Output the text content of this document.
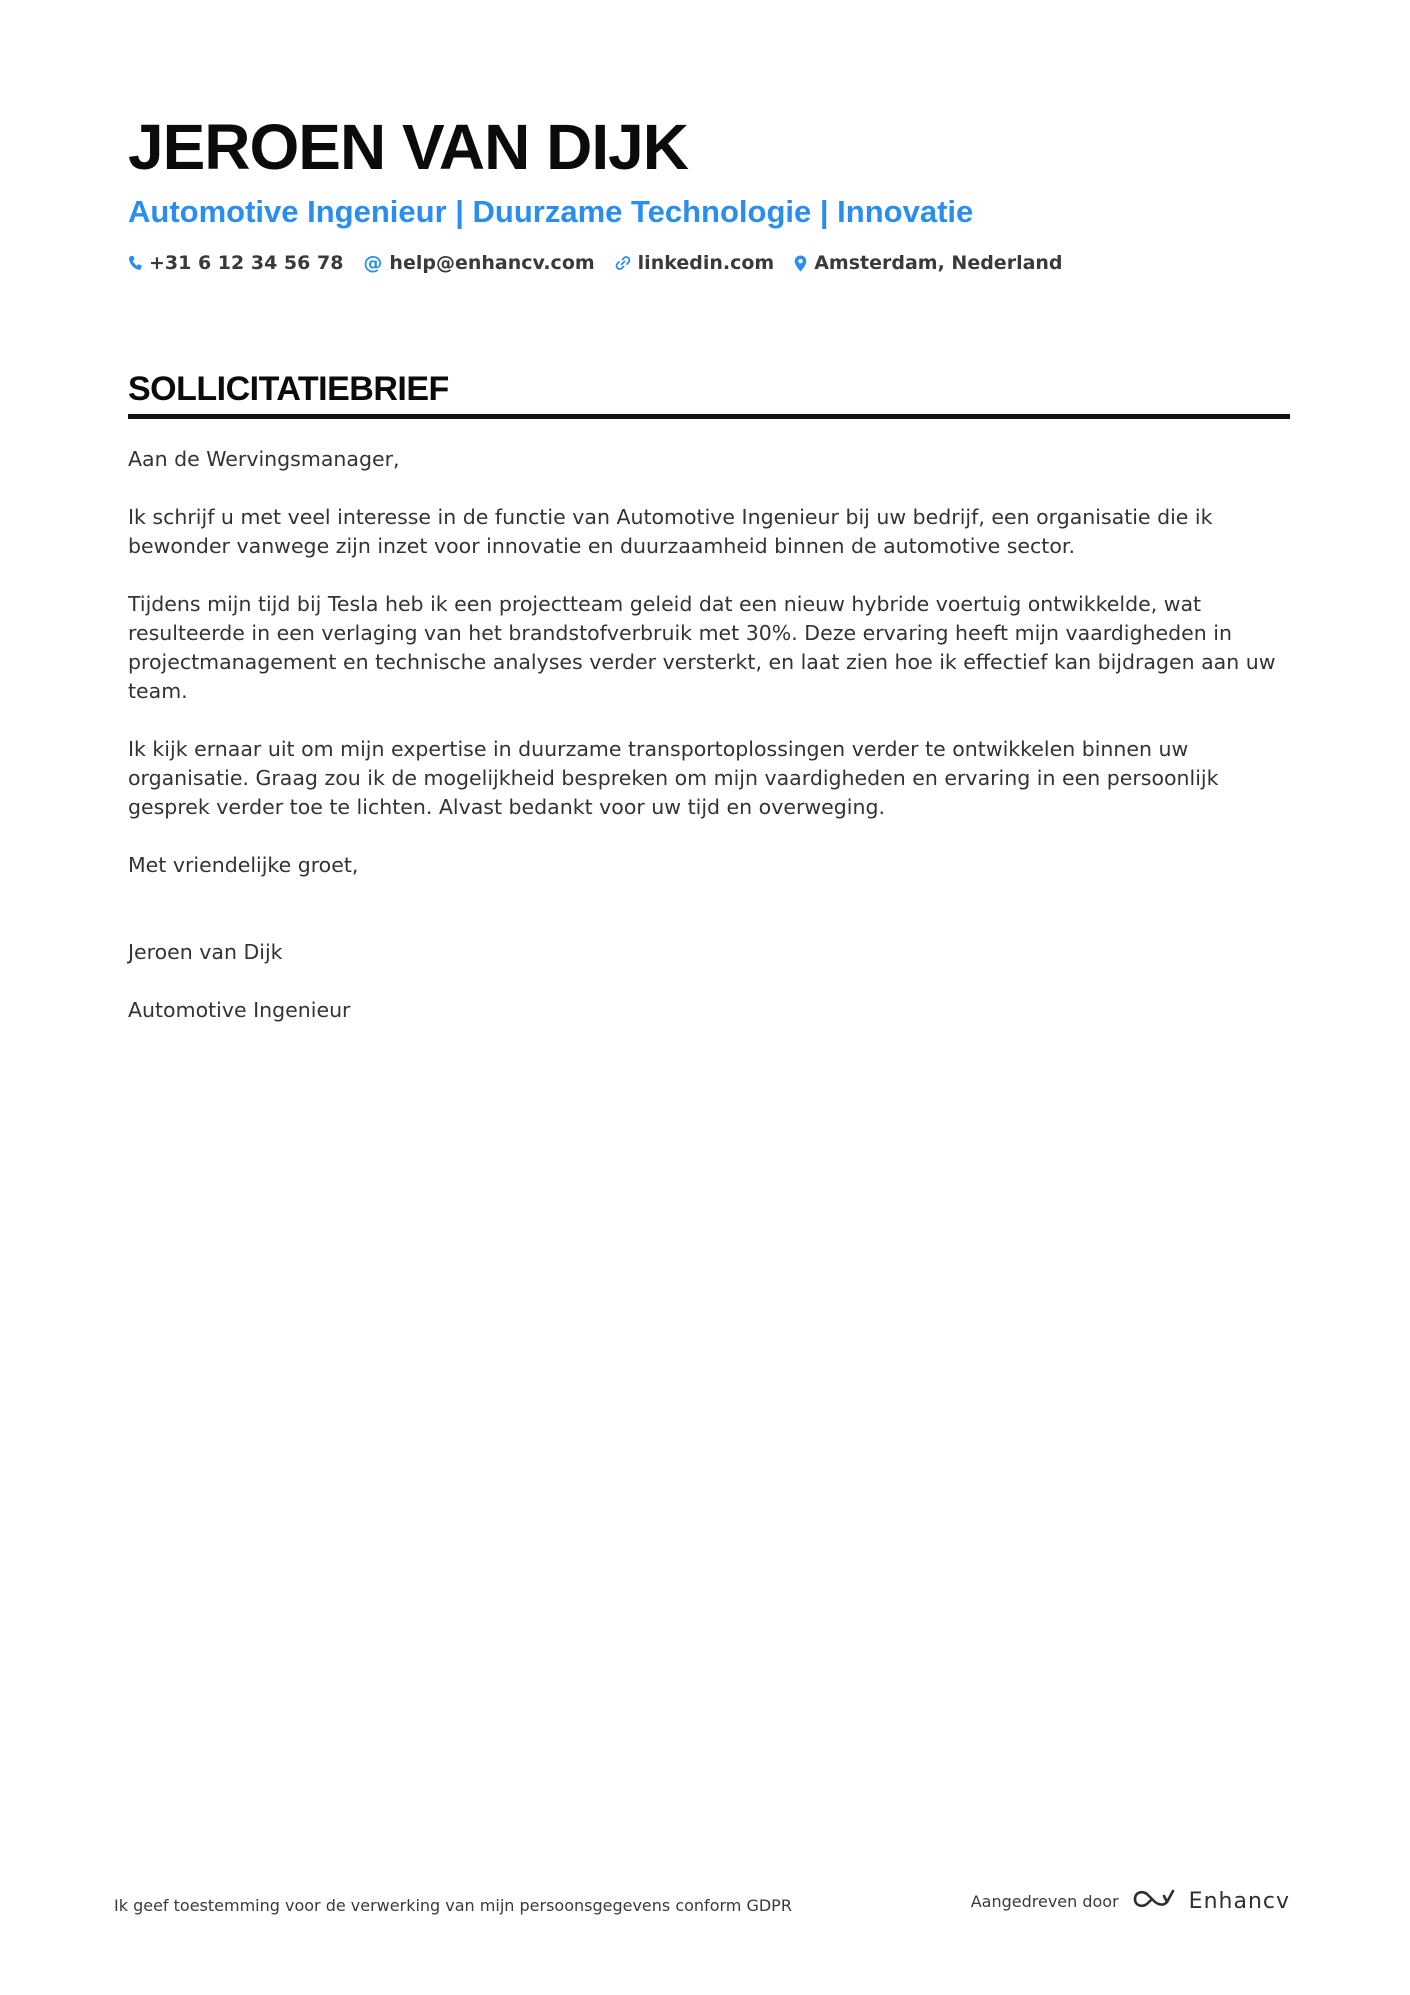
JEROEN VAN DIJK
Automotive Ingenieur | Duurzame Technologie | Innovatie
+31 6 12 34 56 78 @ help@enhancv.com linkedin.com Amsterdam, Nederland
SOLLICITATIEBRIEF

Aan de Wervingsmanager,

Ik schrijf u met veel interesse in de functie van Automotive Ingenieur bij uw bedrijf, een organisatie die ik bewonder vanwege zijn inzet voor innovatie en duurzaamheid binnen de automotive sector.

Tijdens mijn tijd bij Tesla heb ik een projectteam geleid dat een nieuw hybride voertuig ontwikkelde, wat resulteerde in een verlaging van het brandstofverbruik met 30%. Deze ervaring heeft mijn vaardigheden in projectmanagement en technische analyses verder versterkt, en laat zien hoe ik effectief kan bijdragen aan uw team.

Ik kijk ernaar uit om mijn expertise in duurzame transportoplossingen verder te ontwikkelen binnen uw organisatie. Graag zou ik de mogelijkheid bespreken om mijn vaardigheden en ervaring in een persoonlijk gesprek verder toe te lichten. Alvast bedankt voor uw tijd en overweging.

Met vriendelijke groet,

Jeroen van Dijk

Automotive Ingenieur

Ik geef toestemming voor de verwerking van mijn persoonsgegevens conform GDPR	Aangedreven door	Enhancv
